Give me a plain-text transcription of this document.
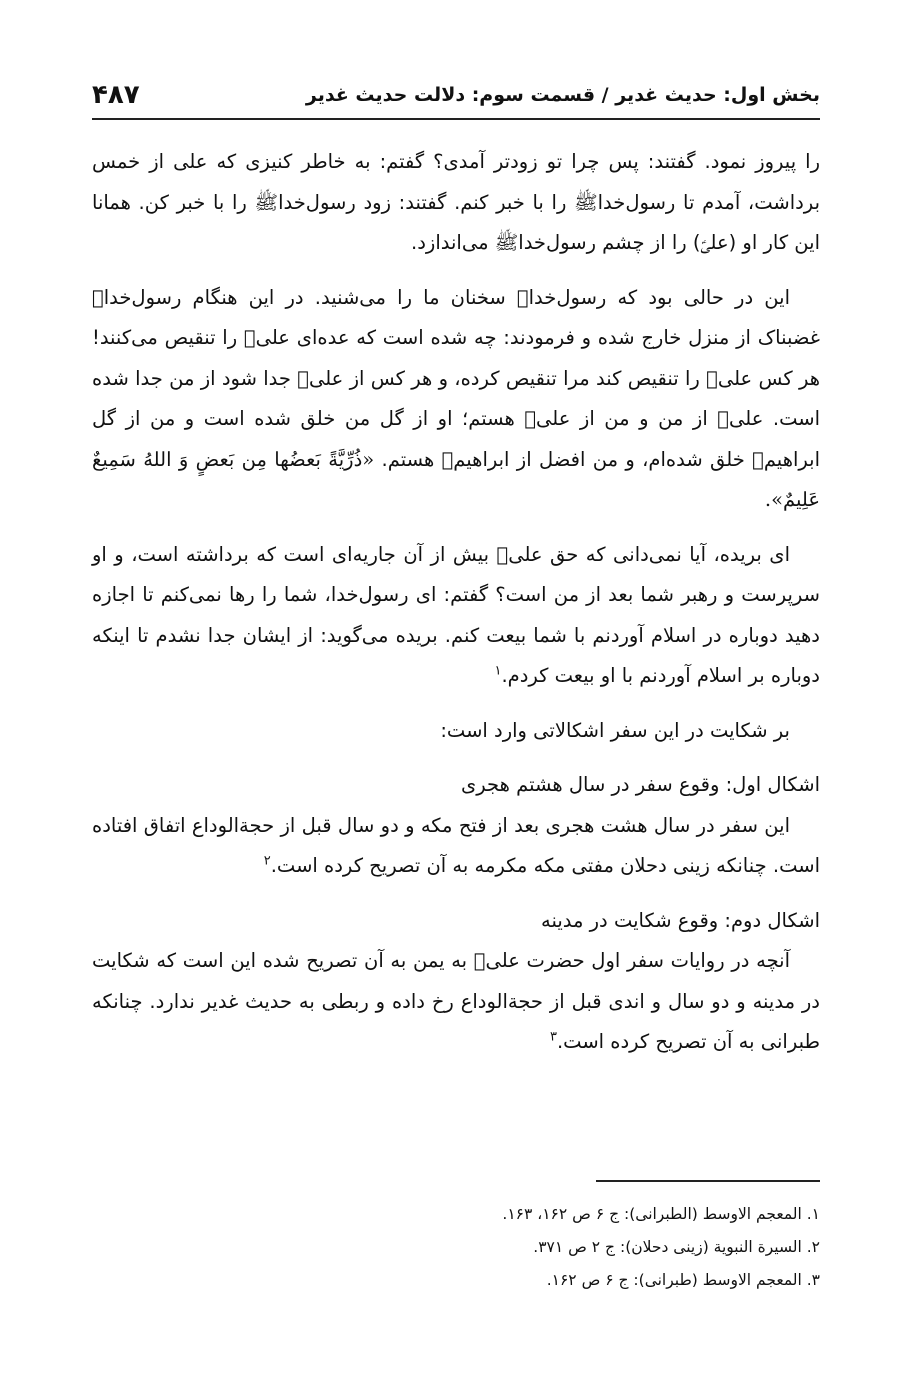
بخش اول: حدیث غدیر / قسمت سوم: دلالت حدیث غدیر
۴۸۷

را پیروز نمود. گفتند: پس چرا تو زودتر آمدی؟ گفتم: به خاطر کنیزی که علی از خمس برداشت، آمدم تا رسول‌خداﷺ را با خبر کنم. گفتند: زود رسول‌خداﷺ را با خبر کن. همانا این کار او (علیؑ) را از چشم رسول‌خداﷺ می‌اندازد.

این در حالی بود که رسول‌خداﷺ سخنان ما را می‌شنید. در این هنگام رسول‌خداﷺ غضبناک از منزل خارج شده و فرمودند: چه شده است که عده‌ای علیؑ را تنقیص می‌کنند! هر کس علیؑ را تنقیص کند مرا تنقیص کرده، و هر کس از علیؑ جدا شود از من جدا شده است. علیؑ از من و من از علیؑ هستم؛ او از گل من خلق شده است و من از گل ابراهیمؑ خلق شده‌ام، و من افضل از ابراهیمؑ هستم. «ذُرِّيَّةً بَعضُها مِن بَعضٍ وَ اللهُ سَمِيعٌ عَلِيمٌ».

ای بریده، آیا نمی‌دانی که حق علیؑ بیش از آن جاریه‌ای است که برداشته است، و او سرپرست و رهبر شما بعد از من است؟ گفتم: ای رسول‌خدا، شما را رها نمی‌کنم تا اجازه دهید دوباره در اسلام آوردنم با شما بیعت کنم. بریده می‌گوید: از ایشان جدا نشدم تا اینکه دوباره بر اسلام آوردنم با او بیعت کردم.$^۱$

بر شکایت در این سفر اشکالاتی وارد است:

اشکال اول: وقوع سفر در سال هشتم هجری

این سفر در سال هشت هجری بعد از فتح مکه و دو سال قبل از حجة‌الوداع اتفاق افتاده است. چنانکه زینی دحلان مفتی مکه مکرمه به آن تصریح کرده است.$^۲$

اشکال دوم: وقوع شکایت در مدینه

آنچه در روایات سفر اول حضرت علیؑ به یمن به آن تصریح شده این است که شکایت در مدینه و دو سال و اندی قبل از حجة‌الوداع رخ داده و ربطی به حدیث غدیر ندارد. چنانکه طبرانی به آن تصریح کرده است.$^۳$

۱. المعجم الاوسط (الطبرانی): ج ۶ ص ۱۶۲، ۱۶۳.
۲. السیرة النبویة (زینی دحلان): ج ۲ ص ۳۷۱.
۳. المعجم الاوسط (طبرانی): ج ۶ ص ۱۶۲.
